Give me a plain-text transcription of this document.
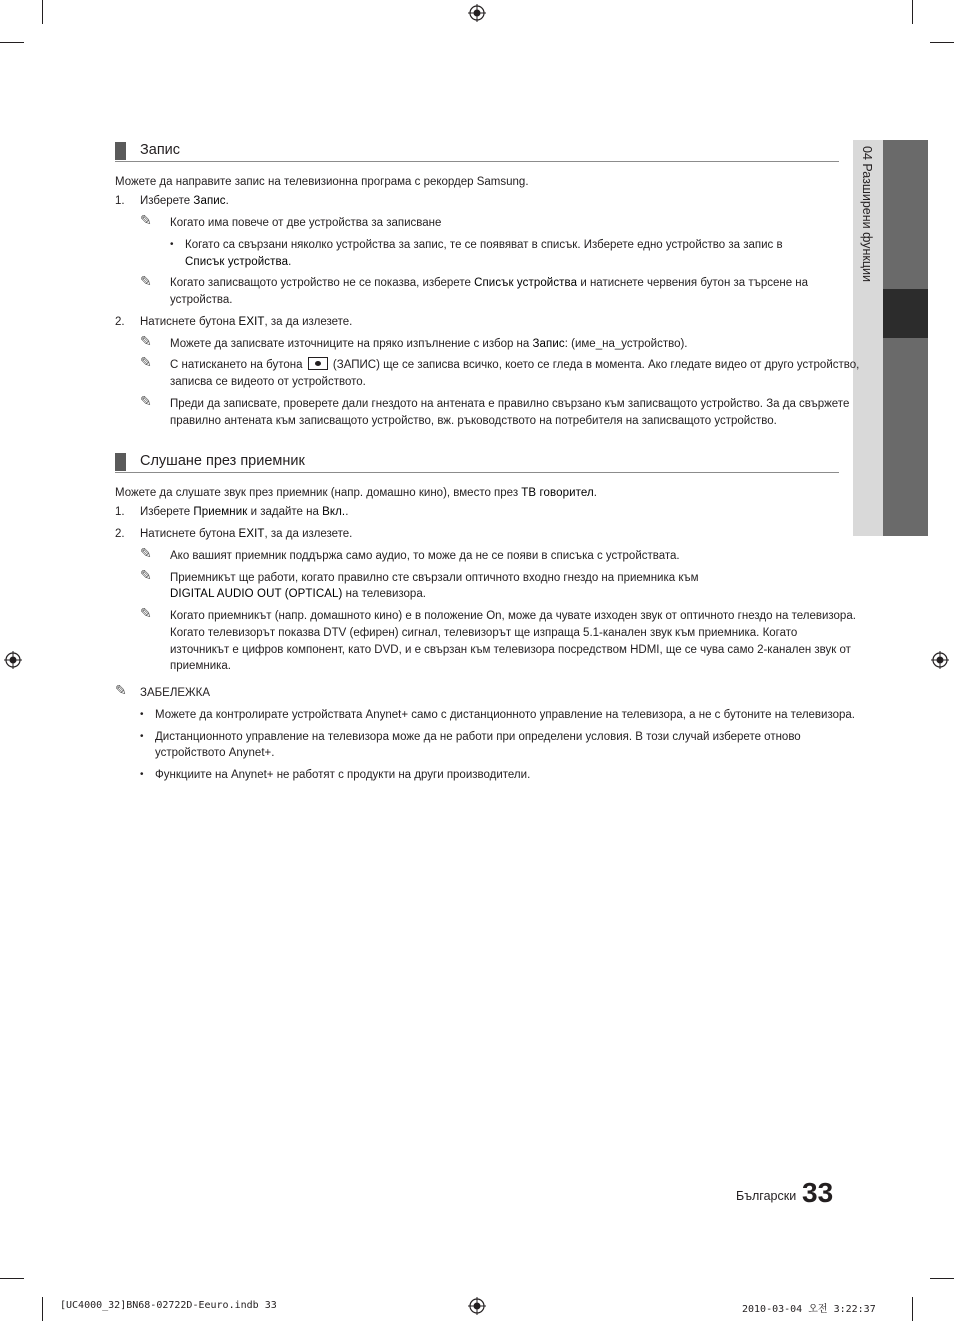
04 Разширени функции
Запис
Можете да направите запис на телевизионна програма с рекордер Samsung.
1. Изберете Запис.
✎ Когато има повече от две устройства за записване
• Когато са свързани няколко устройства за запис, те се появяват в списък. Изберете едно устройство за запис в
Списък устройства.
✎ Когато записващото устройство не се показва, изберете Списък устройства и натиснете червения бутон за търсене на
устройства.
2. Натиснете бутона EXIT, за да излезете.
✎ Можете да записвате източниците на пряко изпълнение с избор на Запис: (име_на_устройство).
✎ С натискането на бутона
(ЗАПИС) ще се записва всичко, което се гледа в момента. Ако гледате видео от друго устройство,
записва се видеото от устройството.
✎ Преди да записвате, проверете дали гнездото на антената е правилно свързано към записващото устройство. За да свържете
правилно антената към записващото устройство, вж. ръководството на потребителя на записващото устройство.
Слушане през приемник
Можете да слушате звук през приемник (напр. домашно кино), вместо през ТВ говорител.
1. Изберете Приемник и задайте на Вкл..
2. Натиснете бутона EXIT, за да излезете.
✎ Ако вашият приемник поддържа само аудио, то може да не се появи в списъка с устройствата.
✎ Приемникът ще работи, когато правилно сте свързали оптичното входно гнездо на приемника към
DIGITAL AUDIO OUT (OPTICAL) на телевизора.
✎ Когато приемникът (напр. домашното кино) е в положение On, може да чувате изходен звук от оптичното гнездо на телевизора.
Когато телевизорът показва DTV (ефирен) сигнал, телевизорът ще изпраща 5.1-канален звук към приемника. Когато
източникът е цифров компонент, като DVD, и е свързан към телевизора посредством HDMI, ще се чува само 2-канален звук от
приемника.
✎ ЗАБЕЛЕЖКА
• Можете да контролирате устройствата Anynet+ само с дистанционното управление на телевизора, а не с бутоните на телевизора.
• Дистанционното управление на телевизора може да не работи при определени условия. В този случай изберете отново
устройството Anynet+.
• Функциите на Anynet+ не работят с продукти на други производители.
Български 33
[UC4000_32]BN68-02722D-Eeuro.indb 33	2010-03-04 오전 3:22:37
